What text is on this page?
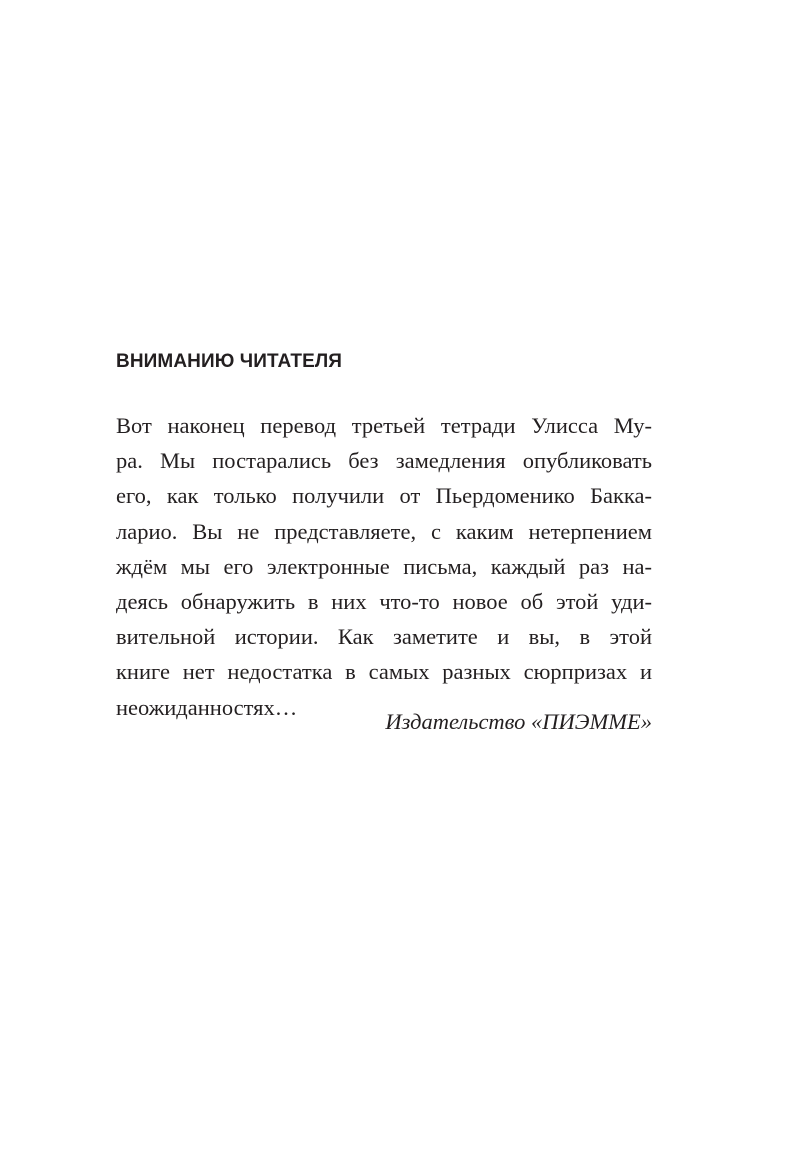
ВНИМАНИЮ ЧИТАТЕЛЯ
Вот наконец перевод третьей тетради Улисса Му-
ра. Мы постарались без замедления опубликовать
его, как только получили от Пьердоменико Бакка-
ларио. Вы не представляете, с каким нетерпением
ждём мы его электронные письма, каждый раз на-
деясь обнаружить в них что-то новое об этой уди-
вительной истории. Как заметите и вы, в этой
книге нет недостатка в самых разных сюрпризах и
неожиданностях…

Издательство «ПИЭММЕ»
